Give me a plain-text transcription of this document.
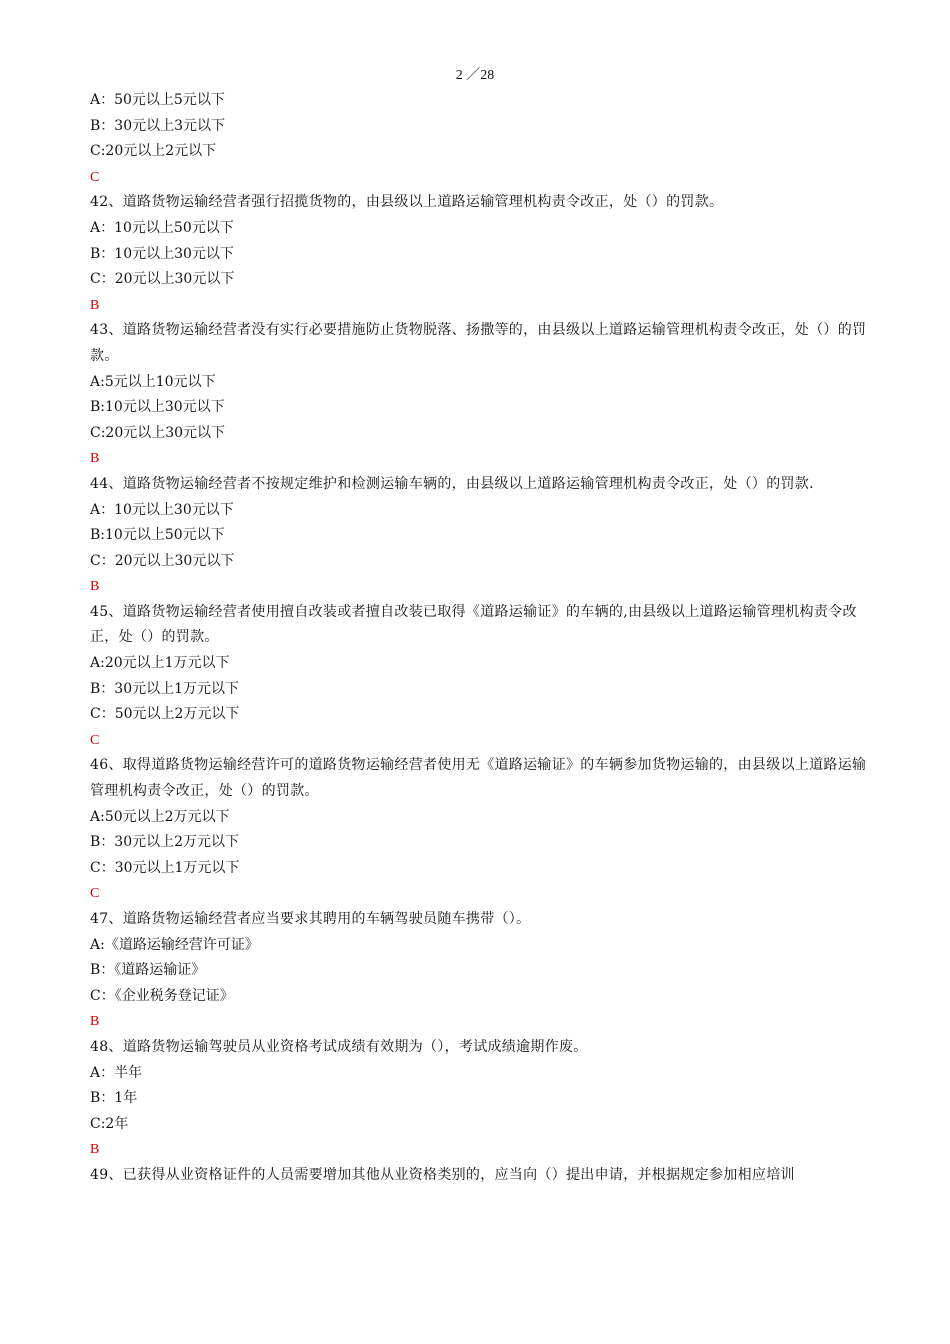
2 ／28
A：50元以上5元以下
B：30元以上3元以下
C:20元以上2元以下
C
42、道路货物运输经营者强行招揽货物的，由县级以上道路运输管理机构责令改正，处（）的罚款。
A：10元以上50元以下
B：10元以上30元以下
C：20元以上30元以下
B
43、道路货物运输经营者没有实行必要措施防止货物脱落、扬撒等的，由县级以上道路运输管理机构责令改正，处（）的罚款。
A:5元以上10元以下
B:10元以上30元以下
C:20元以上30元以下
B
44、道路货物运输经营者不按规定维护和检测运输车辆的，由县级以上道路运输管理机构责令改正，处（）的罚款.
A：10元以上30元以下
B:10元以上50元以下
C：20元以上30元以下
B
45、道路货物运输经营者使用擅自改装或者擅自改装已取得《道路运输证》的车辆的,由县级以上道路运输管理机构责令改正，处（）的罚款。
A:20元以上1万元以下
B：30元以上1万元以下
C：50元以上2万元以下
C
46、取得道路货物运输经营许可的道路货物运输经营者使用无《道路运输证》的车辆参加货物运输的，由县级以上道路运输管理机构责令改正，处（）的罚款。
A:50元以上2万元以下
B：30元以上2万元以下
C：30元以上1万元以下
C
47、道路货物运输经营者应当要求其聘用的车辆驾驶员随车携带（）。
A:《道路运输经营许可证》
B：《道路运输证》
C：《企业税务登记证》
B
48、道路货物运输驾驶员从业资格考试成绩有效期为（），考试成绩逾期作废。
A：半年
B：1年
C:2年
B
49、已获得从业资格证件的人员需要增加其他从业资格类别的，应当向（）提出申请，并根据规定参加相应培训
